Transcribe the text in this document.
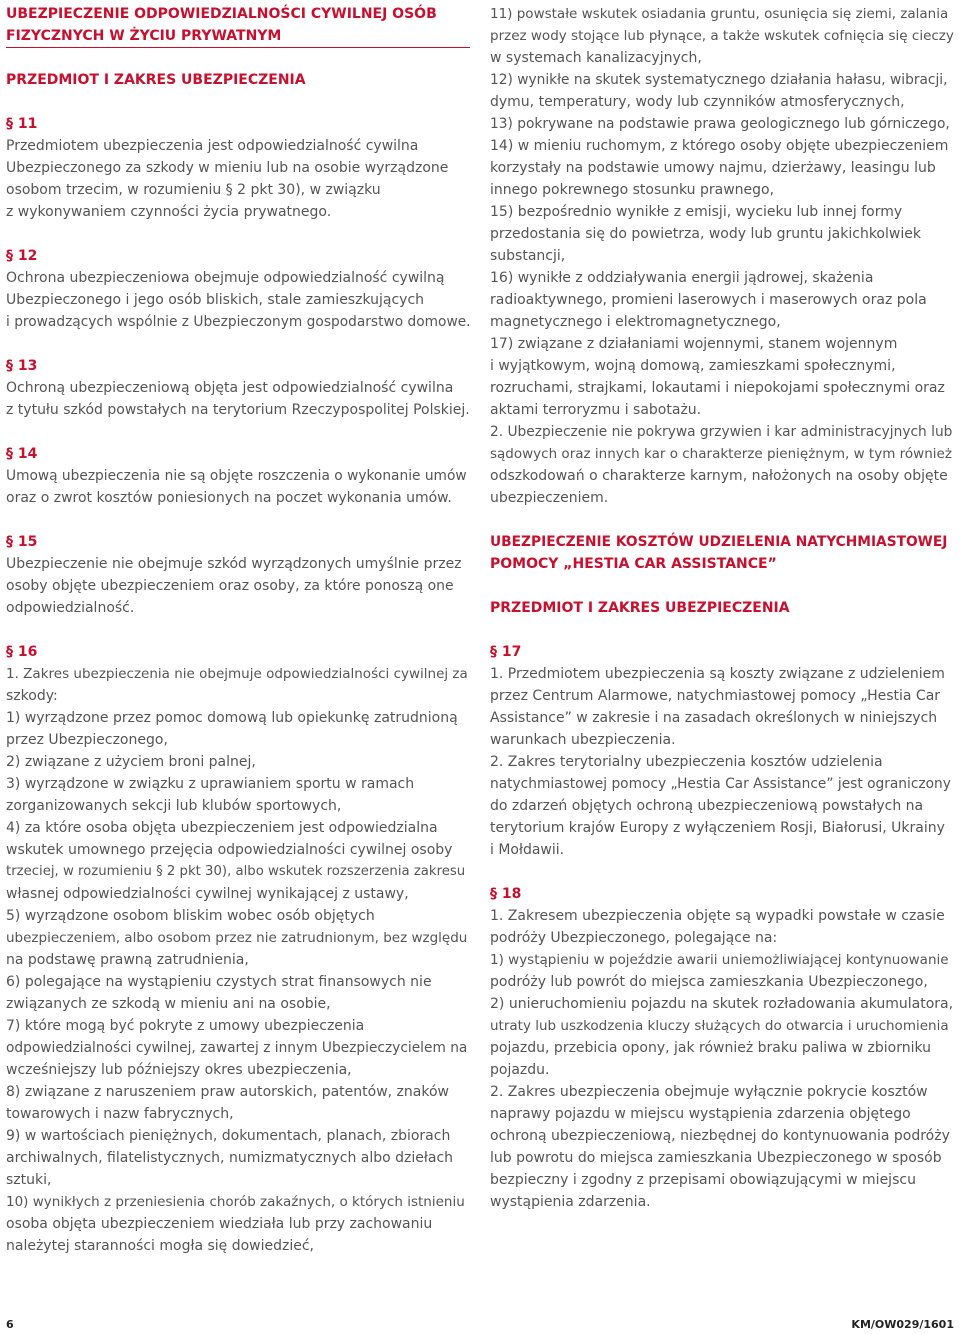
UBEZPIECZENIE ODPOWIEDZIALNOŚCI CYWILNEJ OSÓB
FIZYCZNYCH W ŻYCIU PRYWATNYM
PRZEDMIOT I ZAKRES UBEZPIECZENIA
§ 11
Przedmiotem ubezpieczenia jest odpowiedzialność cywilna
Ubezpieczonego za szkody w mieniu lub na osobie wyrządzone
osobom trzecim, w rozumieniu § 2 pkt 30), w związku
z wykonywaniem czynności życia prywatnego.
§ 12
Ochrona ubezpieczeniowa obejmuje odpowiedzialność cywilną
Ubezpieczonego i jego osób bliskich, stale zamieszkujących
i prowadzących wspólnie z Ubezpieczonym gospodarstwo domowe.
§ 13
Ochroną ubezpieczeniową objęta jest odpowiedzialność cywilna
z tytułu szkód powstałych na terytorium Rzeczypospolitej Polskiej.
§ 14
Umową ubezpieczenia nie są objęte roszczenia o wykonanie umów
oraz o zwrot kosztów poniesionych na poczet wykonania umów.
§ 15
Ubezpieczenie nie obejmuje szkód wyrządzonych umyślnie przez
osoby objęte ubezpieczeniem oraz osoby, za które ponoszą one
odpowiedzialność.
§ 16
1. Zakres ubezpieczenia nie obejmuje odpowiedzialności cywilnej za
szkody:
1) wyrządzone przez pomoc domową lub opiekunkę zatrudnioną
przez Ubezpieczonego,
2) związane z użyciem broni palnej,
3) wyrządzone w związku z uprawianiem sportu w ramach
zorganizowanych sekcji lub klubów sportowych,
4) za które osoba objęta ubezpieczeniem jest odpowiedzialna
wskutek umownego przejęcia odpowiedzialności cywilnej osoby
trzeciej, w rozumieniu § 2 pkt 30), albo wskutek rozszerzenia zakresu
własnej odpowiedzialności cywilnej wynikającej z ustawy,
5) wyrządzone osobom bliskim wobec osób objętych
ubezpieczeniem, albo osobom przez nie zatrudnionym, bez względu
na podstawę prawną zatrudnienia,
6) polegające na wystąpieniu czystych strat finansowych nie
związanych ze szkodą w mieniu ani na osobie,
7) które mogą być pokryte z umowy ubezpieczenia
odpowiedzialności cywilnej, zawartej z innym Ubezpieczycielem na
wcześniejszy lub późniejszy okres ubezpieczenia,
8) związane z naruszeniem praw autorskich, patentów, znaków
towarowych i nazw fabrycznych,
9) w wartościach pieniężnych, dokumentach, planach, zbiorach
archiwalnych, filatelistycznych, numizmatycznych albo dziełach
sztuki,
10) wynikłych z przeniesienia chorób zakaźnych, o których istnieniu
osoba objęta ubezpieczeniem wiedziała lub przy zachowaniu
należytej staranności mogła się dowiedzieć,
11) powstałe wskutek osiadania gruntu, osunięcia się ziemi, zalania
przez wody stojące lub płynące, a także wskutek cofnięcia się cieczy
w systemach kanalizacyjnych,
12) wynikłe na skutek systematycznego działania hałasu, wibracji,
dymu, temperatury, wody lub czynników atmosferycznych,
13) pokrywane na podstawie prawa geologicznego lub górniczego,
14) w mieniu ruchomym, z którego osoby objęte ubezpieczeniem
korzystały na podstawie umowy najmu, dzierżawy, leasingu lub
innego pokrewnego stosunku prawnego,
15) bezpośrednio wynikłe z emisji, wycieku lub innej formy
przedostania się do powietrza, wody lub gruntu jakichkolwiek
substancji,
16) wynikłe z oddziaływania energii jądrowej, skażenia
radioaktywnego, promieni laserowych i maserowych oraz pola
magnetycznego i elektromagnetycznego,
17) związane z działaniami wojennymi, stanem wojennym
i wyjątkowym, wojną domową, zamieszkami społecznymi,
rozruchami, strajkami, lokautami i niepokojami społecznymi oraz
aktami terroryzmu i sabotażu.
2. Ubezpieczenie nie pokrywa grzywien i kar administracyjnych lub
sądowych oraz innych kar o charakterze pieniężnym, w tym również
odszkodowań o charakterze karnym, nałożonych na osoby objęte
ubezpieczeniem.
UBEZPIECZENIE KOSZTÓW UDZIELENIA NATYCHMIASTOWEJ
POMOCY „HESTIA CAR ASSISTANCE”
PRZEDMIOT I ZAKRES UBEZPIECZENIA
§ 17
1. Przedmiotem ubezpieczenia są koszty związane z udzieleniem
przez Centrum Alarmowe, natychmiastowej pomocy „Hestia Car
Assistance” w zakresie i na zasadach określonych w niniejszych
warunkach ubezpieczenia.
2. Zakres terytorialny ubezpieczenia kosztów udzielenia
natychmiastowej pomocy „Hestia Car Assistance” jest ograniczony
do zdarzeń objętych ochroną ubezpieczeniową powstałych na
terytorium krajów Europy z wyłączeniem Rosji, Białorusi, Ukrainy
i Mołdawii.
§ 18
1. Zakresem ubezpieczenia objęte są wypadki powstałe w czasie
podróży Ubezpieczonego, polegające na:
1) wystąpieniu w pojeździe awarii uniemożliwiającej kontynuowanie
podróży lub powrót do miejsca zamieszkania Ubezpieczonego,
2) unieruchomieniu pojazdu na skutek rozładowania akumulatora,
utraty lub uszkodzenia kluczy służących do otwarcia i uruchomienia
pojazdu, przebicia opony, jak również braku paliwa w zbiorniku
pojazdu.
2. Zakres ubezpieczenia obejmuje wyłącznie pokrycie kosztów
naprawy pojazdu w miejscu wystąpienia zdarzenia objętego
ochroną ubezpieczeniową, niezbędnej do kontynuowania podróży
lub powrotu do miejsca zamieszkania Ubezpieczonego w sposób
bezpieczny i zgodny z przepisami obowiązującymi w miejscu
wystąpienia zdarzenia.
6	KM/OW029/1601
